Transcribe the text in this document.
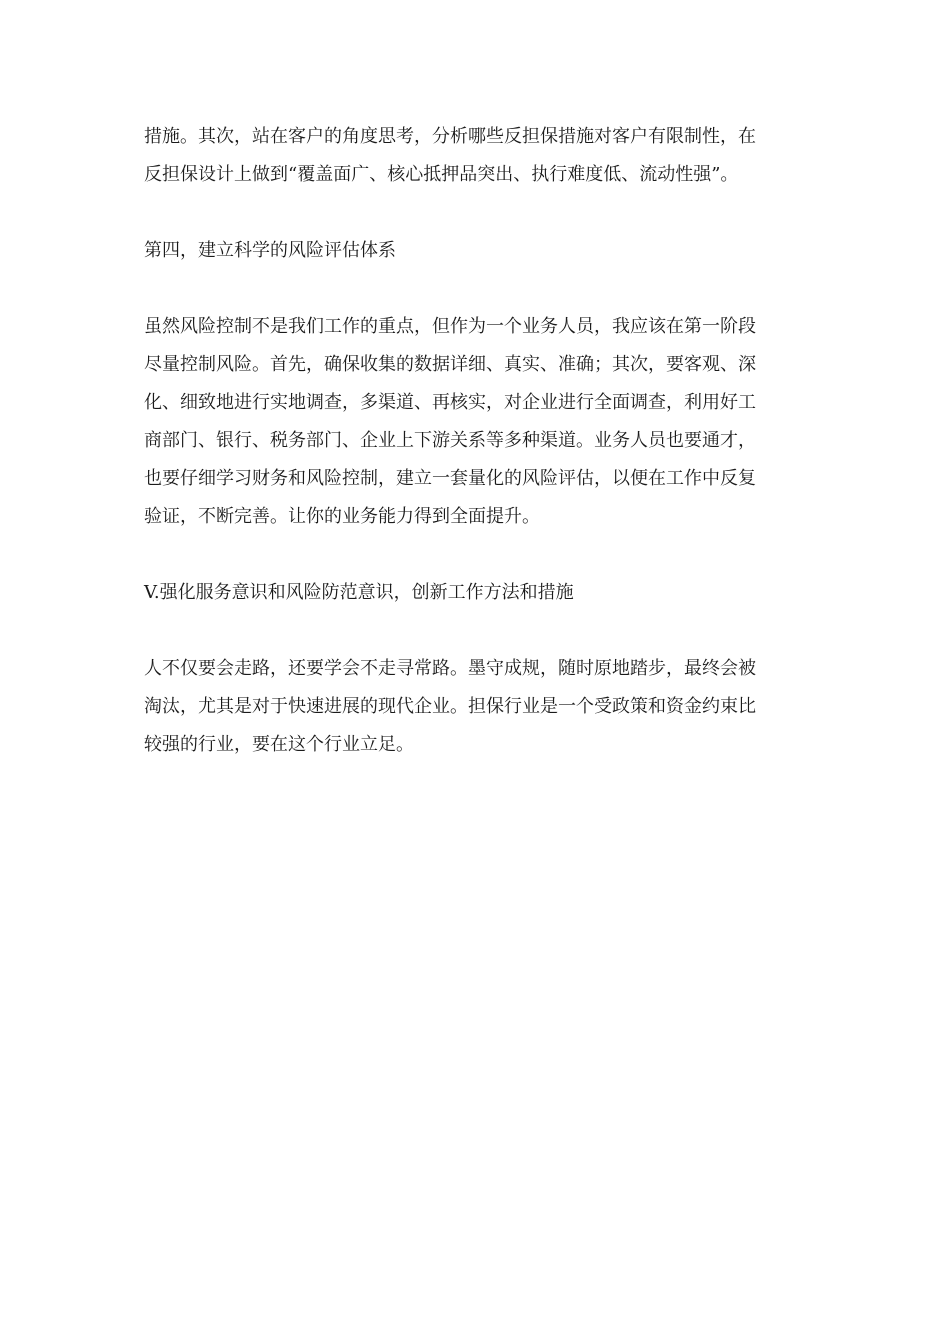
措施。其次，站在客户的角度思考，分析哪些反担保措施对客户有限制性，在
反担保设计上做到“覆盖面广、核心抵押品突出、执行难度低、流动性强”。
第四，建立科学的风险评估体系
虽然风险控制不是我们工作的重点，但作为一个业务人员，我应该在第一阶段
尽量控制风险。首先，确保收集的数据详细、真实、准确；其次，要客观、深
化、细致地进行实地调查，多渠道、再核实，对企业进行全面调查，利用好工
商部门、银行、税务部门、企业上下游关系等多种渠道。业务人员也要通才，
也要仔细学习财务和风险控制，建立一套量化的风险评估，以便在工作中反复
验证，不断完善。让你的业务能力得到全面提升。
V.强化服务意识和风险防范意识，创新工作方法和措施
人不仅要会走路，还要学会不走寻常路。墨守成规，随时原地踏步，最终会被
淘汰，尤其是对于快速进展的现代企业。担保行业是一个受政策和资金约束比
较强的行业，要在这个行业立足。
